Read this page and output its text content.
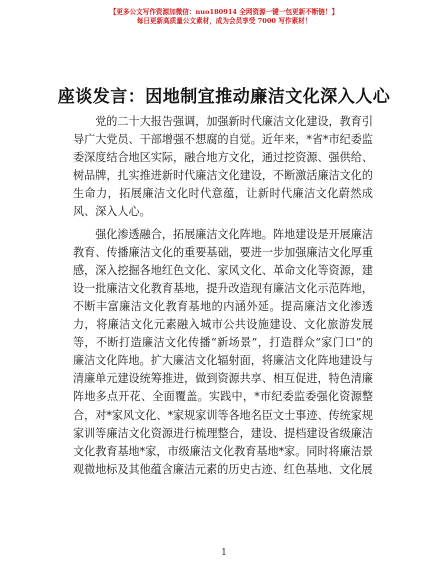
【更多公文写作资源加微信：nuo180914 全网资源一键一包更新不断链！】
每日更新高质量公文素材，成为会员享受 7000 写作素材！
座谈发言：因地制宜推动廉洁文化深入人心

党的二十大报告强调，加强新时代廉洁文化建设，教育引导广大党员、干部增强不想腐的自觉。近年来，*省*市纪委监委深度结合地区实际，融合地方文化，通过挖资源、强供给、树品牌，扎实推进新时代廉洁文化建设，不断激活廉洁文化的生命力，拓展廉洁文化时代意蕴，让新时代廉洁文化蔚然成风、深入人心。

强化渗透融合，拓展廉洁文化阵地。阵地建设是开展廉洁教育、传播廉洁文化的重要基础，要进一步加强廉洁文化厚重感，深入挖掘各地红色文化、家风文化、革命文化等资源，建设一批廉洁文化教育基地，提升改造现有廉洁文化示范阵地，不断丰富廉洁文化教育基地的内涵外延。提高廉洁文化渗透力，将廉洁文化元素融入城市公共设施建设、文化旅游发展等，不断打造廉洁文化传播“新场景”，打造群众“家门口”的廉洁文化阵地。扩大廉洁文化辐射面，将廉洁文化阵地建设与清廉单元建设统筹推进，做到资源共享、相互促进，特色清廉阵地多点开花、全面覆盖。实践中，*市纪委监委强化资源整合，对*家风文化、*家规家训等各地名臣文士事迹、传统家规家训等廉洁文化资源进行梳理整合，建设、提档建设省级廉洁文化教育基地*家，市级廉洁文化教育基地*家。同时将廉洁景观微地标及其他蕴含廉洁元素的历史古迹、红色基地、文化展

1
